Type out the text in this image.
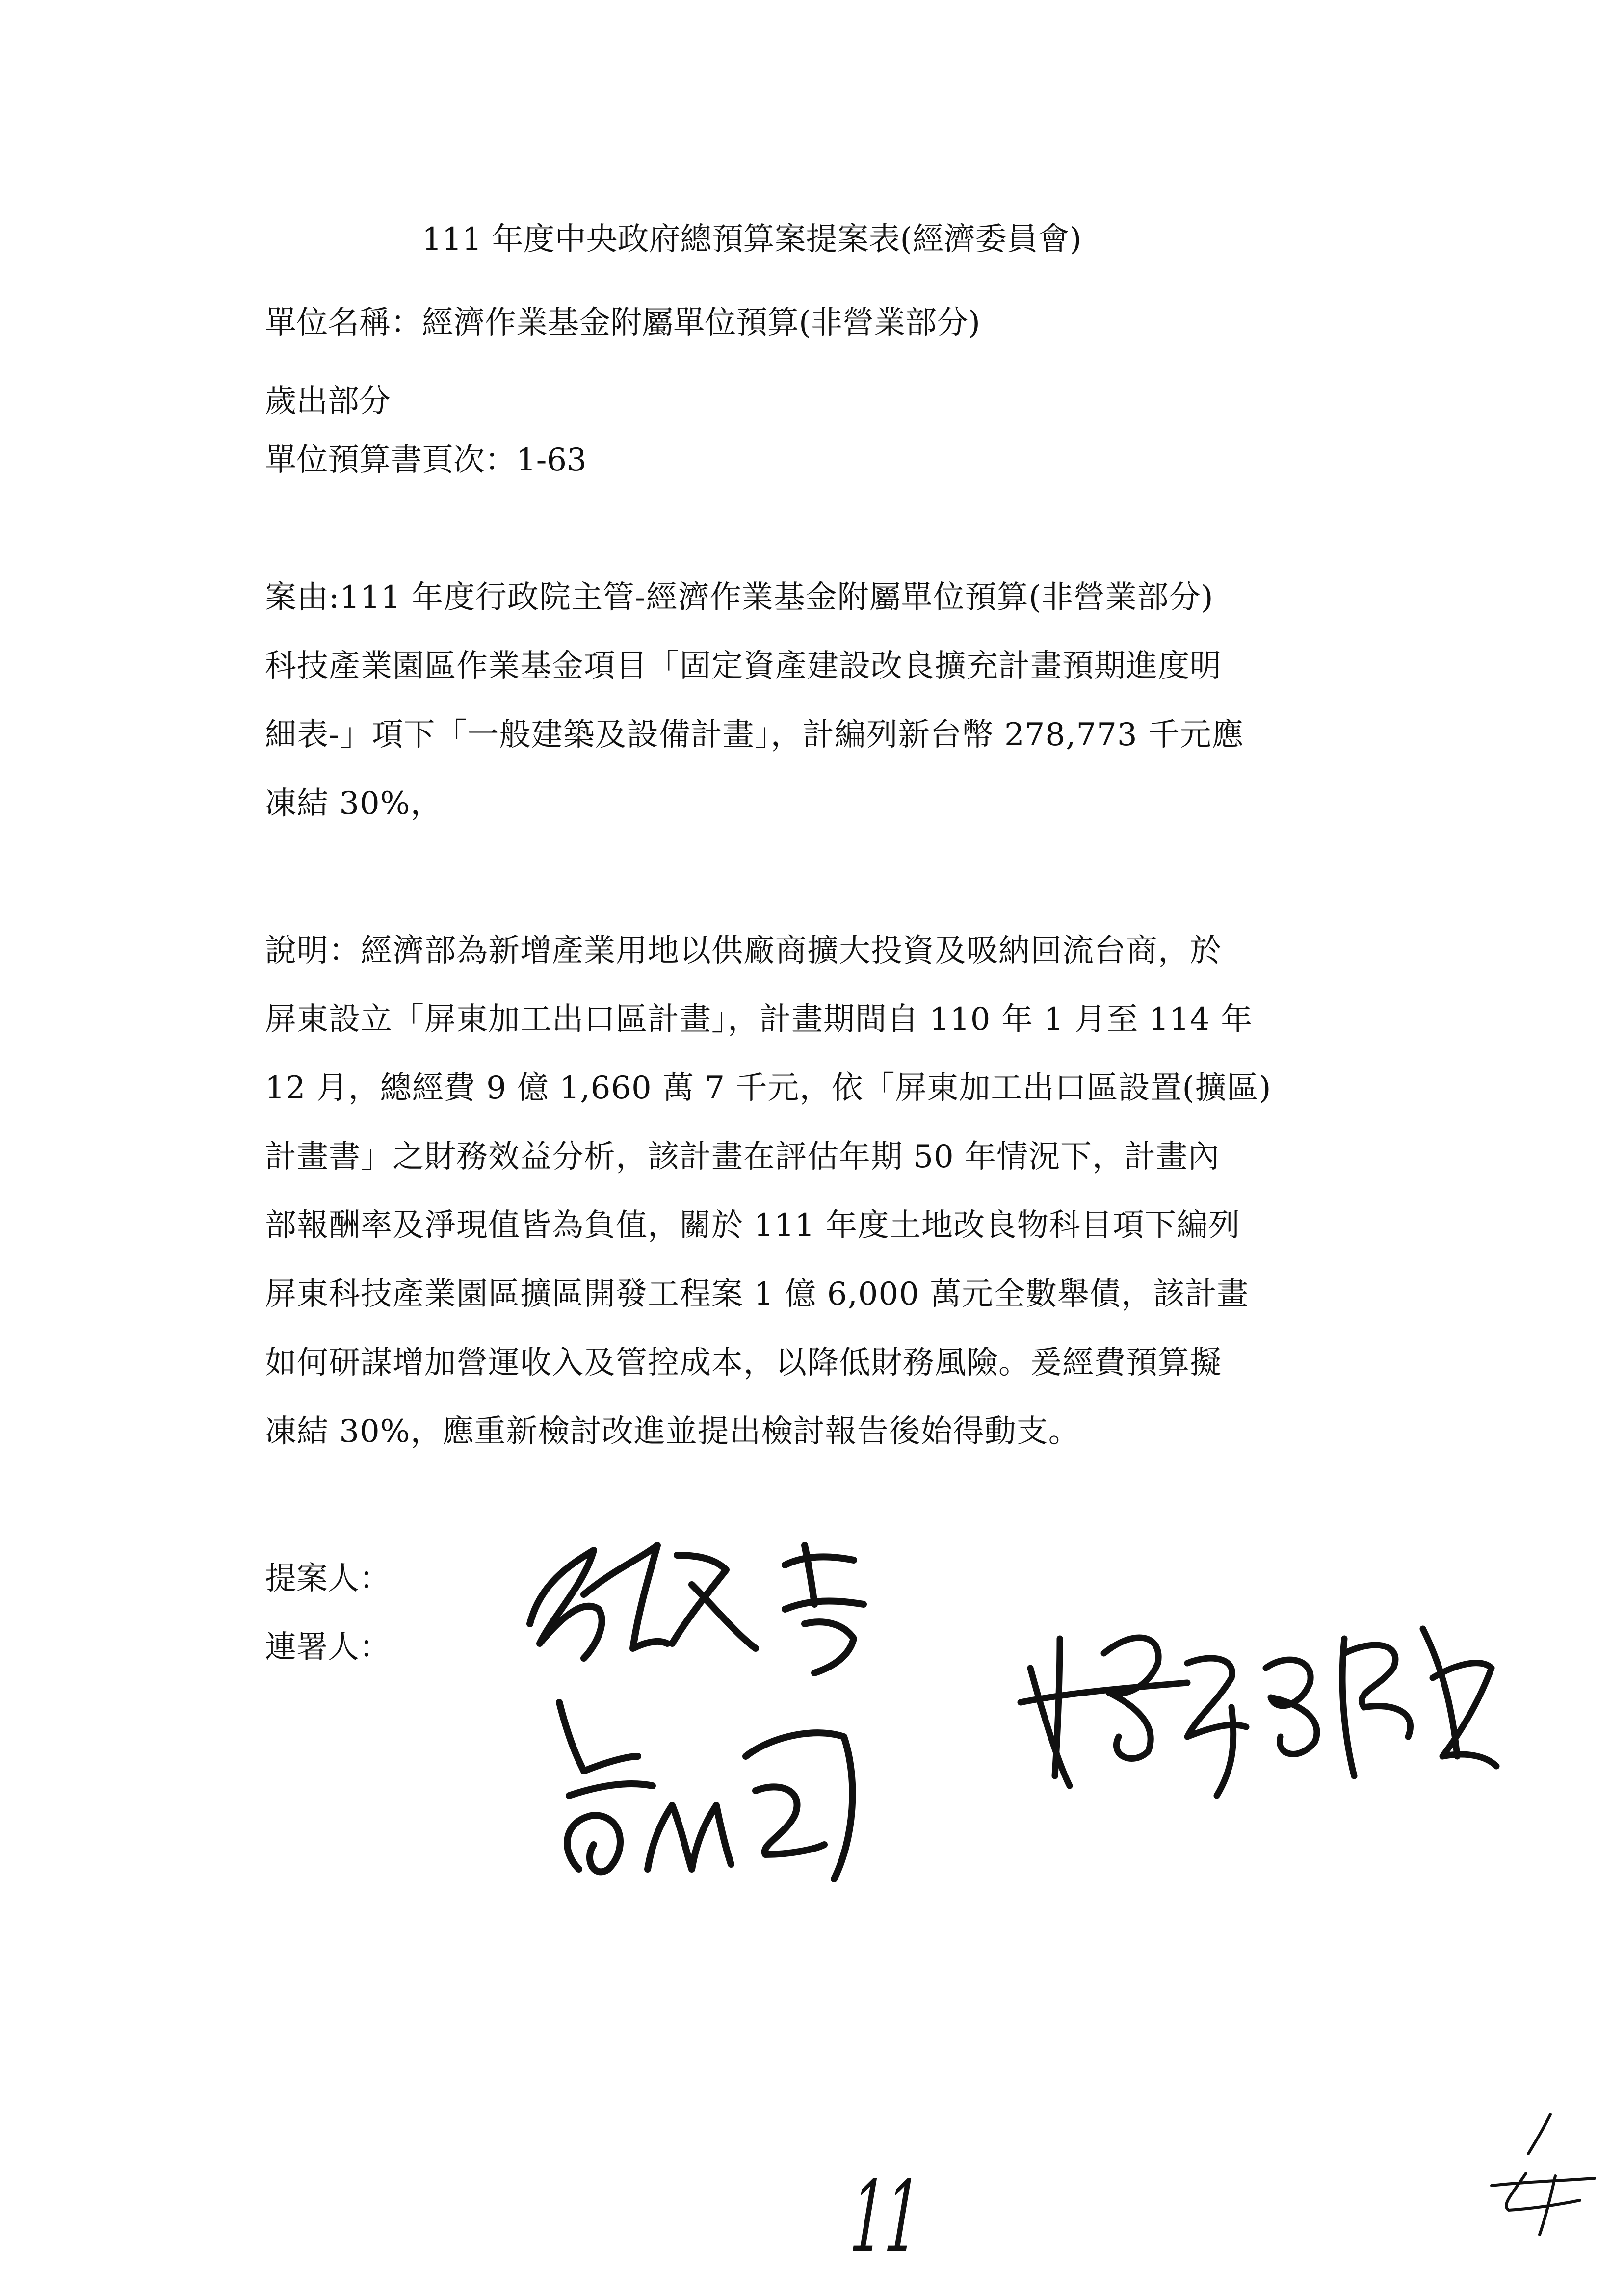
111 年度中央政府總預算案提案表(經濟委員會)
單位名稱：經濟作業基金附屬單位預算(非營業部分)
歲出部分
單位預算書頁次：1-63
案由:111 年度行政院主管-經濟作業基金附屬單位預算(非營業部分)
科技產業園區作業基金項目「固定資產建設改良擴充計畫預期進度明
細表-」項下「一般建築及設備計畫」，計編列新台幣 278,773 千元應
凍結 30%，
說明：經濟部為新增產業用地以供廠商擴大投資及吸納回流台商，於
屏東設立「屏東加工出口區計畫」，計畫期間自 110 年 1 月至 114 年
12 月，總經費 9 億 1,660 萬 7 千元，依「屏東加工出口區設置(擴區)
計畫書」之財務效益分析，該計畫在評估年期 50 年情況下，計畫內
部報酬率及淨現值皆為負值，關於 111 年度土地改良物科目項下編列
屏東科技產業園區擴區開發工程案 1 億 6,000 萬元全數舉債，該計畫
如何研謀增加營運收入及管控成本，以降低財務風險。爰經費預算擬
凍結 30%，應重新檢討改進並提出檢討報告後始得動支。
提案人：
連署人：
11
